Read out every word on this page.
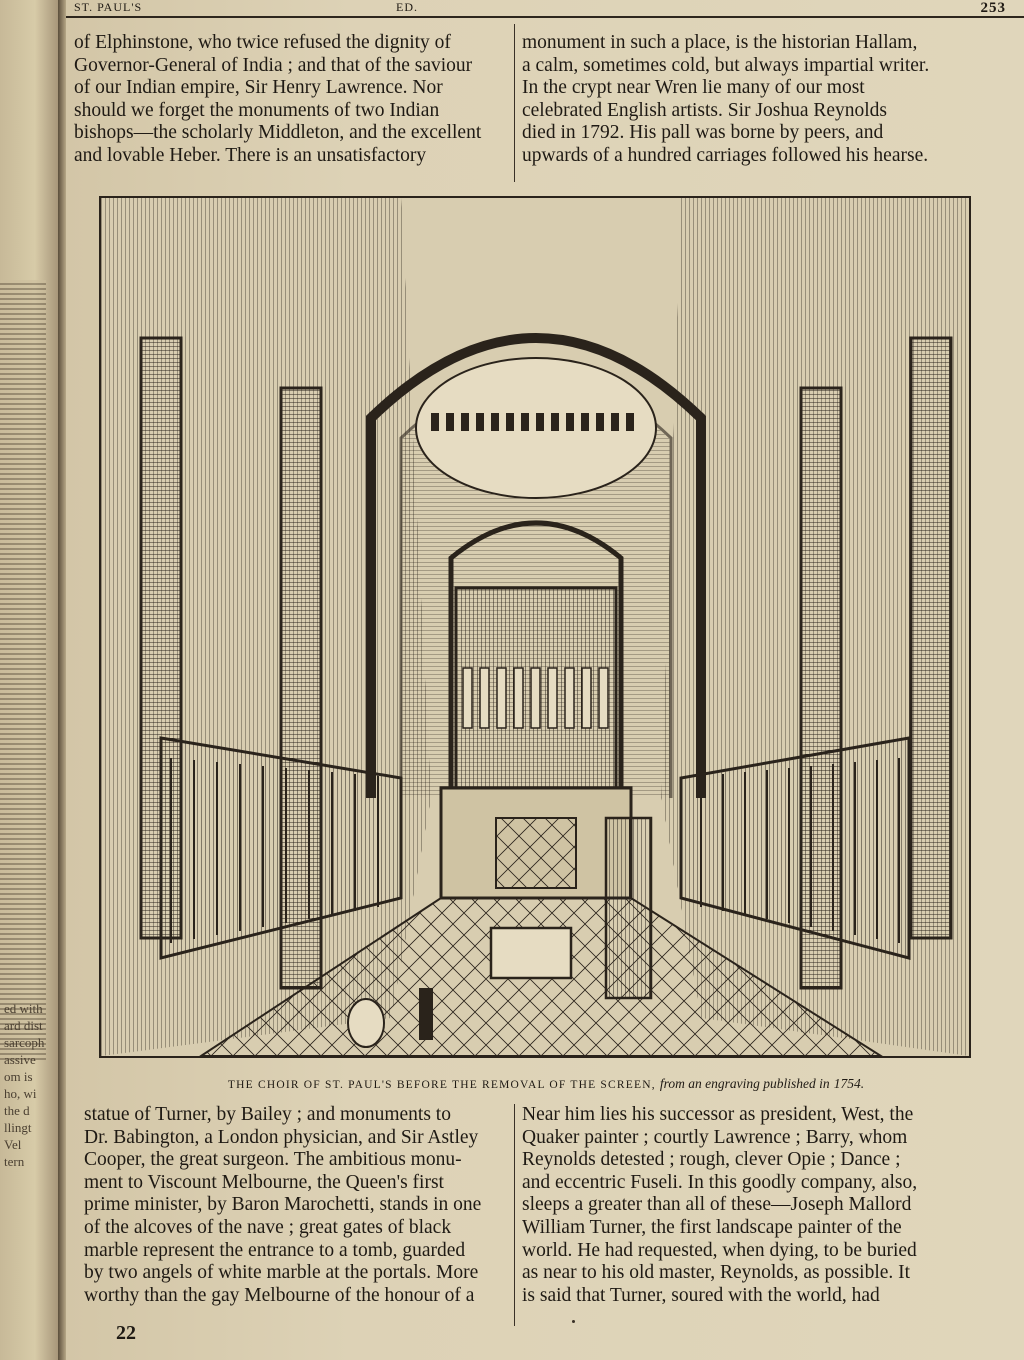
ed with
ard dist
sarcoph
assive
om is
ho, wi
the d
llingt
Vel
tern
ST. PAUL'S	ED.	253
of Elphinstone, who twice refused the dignity of
Governor-General of India ; and that of the saviour
of our Indian empire, Sir Henry Lawrence. Nor
should we forget the monuments of two Indian
bishops—the scholarly Middleton, and the excellent
and lovable Heber. There is an unsatisfactory
monument in such a place, is the historian Hallam,
a calm, sometimes cold, but always impartial writer.
In the crypt near Wren lie many of our most
celebrated English artists. Sir Joshua Reynolds
died in 1792. His pall was borne by peers, and
upwards of a hundred carriages followed his hearse.
THE CHOIR OF ST. PAUL'S BEFORE THE REMOVAL OF THE SCREEN, from an engraving published in 1754.
statue of Turner, by Bailey ; and monuments to
Dr. Babington, a London physician, and Sir Astley
Cooper, the great surgeon. The ambitious monu-
ment to Viscount Melbourne, the Queen's first
prime minister, by Baron Marochetti, stands in one
of the alcoves of the nave ; great gates of black
marble represent the entrance to a tomb, guarded
by two angels of white marble at the portals. More
worthy than the gay Melbourne of the honour of a
Near him lies his successor as president, West, the
Quaker painter ; courtly Lawrence ; Barry, whom
Reynolds detested ; rough, clever Opie ; Dance ;
and eccentric Fuseli. In this goodly company, also,
sleeps a greater than all of these—Joseph Mallord
William Turner, the first landscape painter of the
world. He had requested, when dying, to be buried
as near to his old master, Reynolds, as possible. It
is said that Turner, soured with the world, had
22
